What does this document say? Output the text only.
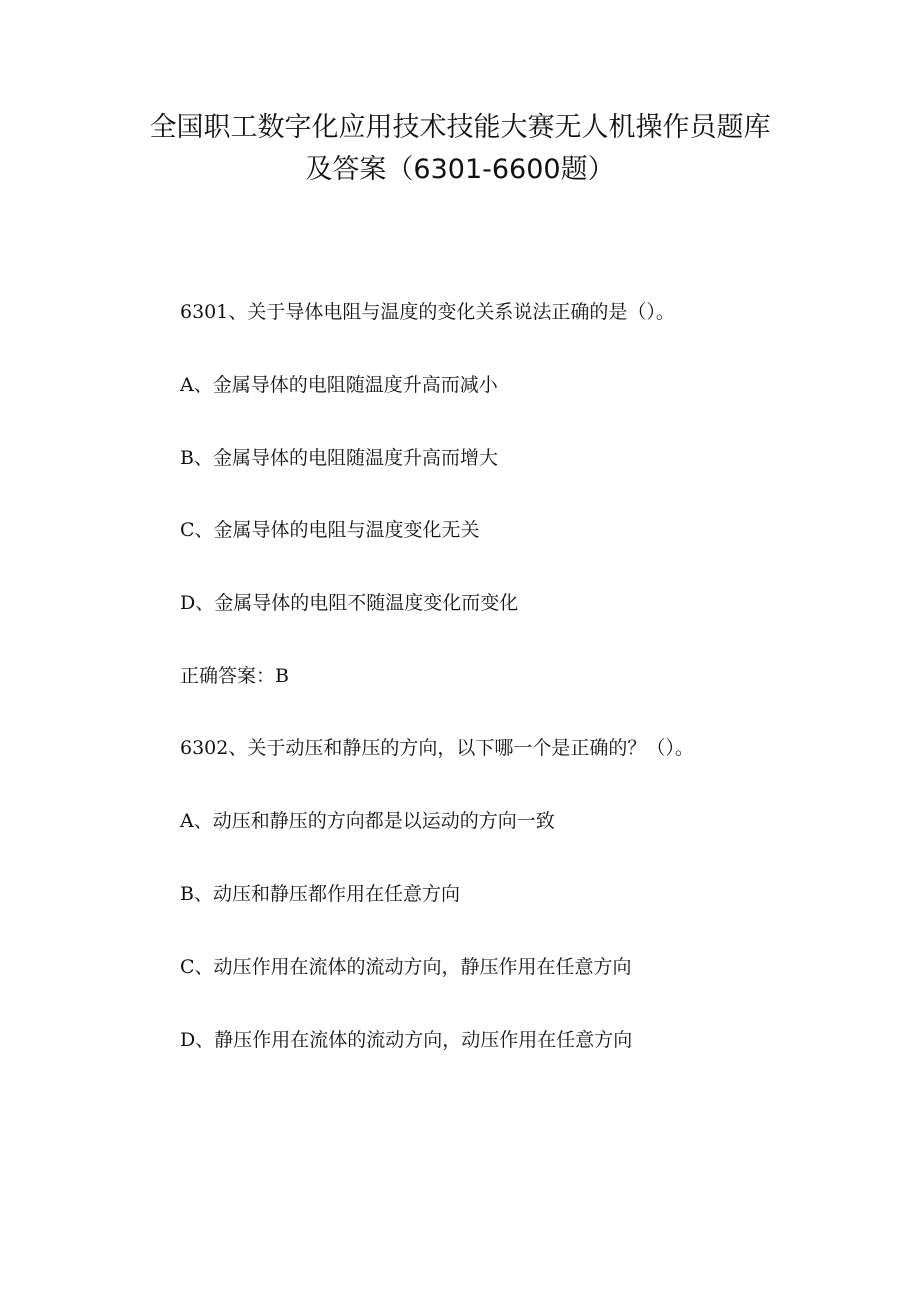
全国职工数字化应用技术技能大赛无人机操作员题库
及答案（6301-6600题）
6301、关于导体电阻与温度的变化关系说法正确的是（）。
A、金属导体的电阻随温度升高而减小
B、金属导体的电阻随温度升高而增大
C、金属导体的电阻与温度变化无关
D、金属导体的电阻不随温度变化而变化
正确答案：B
6302、关于动压和静压的方向，以下哪一个是正确的？（）。
A、动压和静压的方向都是以运动的方向一致
B、动压和静压都作用在任意方向
C、动压作用在流体的流动方向，静压作用在任意方向
D、静压作用在流体的流动方向，动压作用在任意方向
